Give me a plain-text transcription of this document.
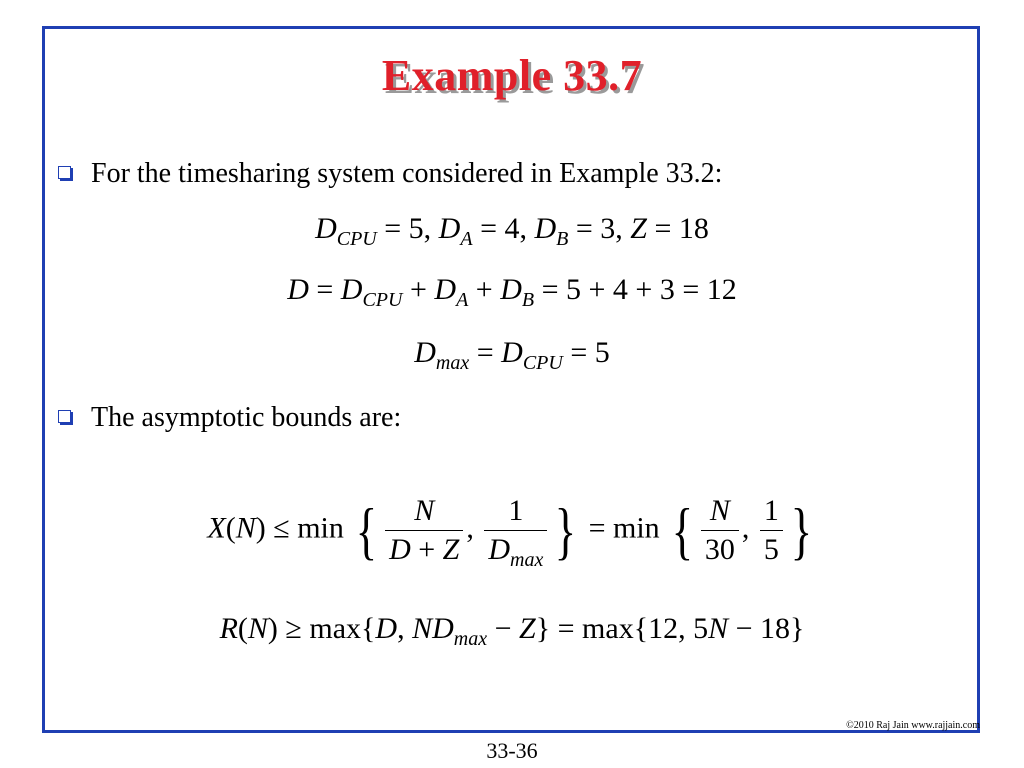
Example 33.7
For the timesharing system considered in Example 33.2:
$D_{CPU} = 5$, $D_A = 4$, $D_B = 3$, Z = 18
$D = D_{CPU} + D_A + D_B = 5 + 4 + 3 = 12$
$D_{max} = D_{CPU} = 5$
The asymptotic bounds are:
X(N) ≤ min { $\frac{N}{D + Z}$ , $\frac{1}{D_{max}}$ } = min { $\frac{N}{30}$ , $\frac{1}{5}$ }
R(N) ≥ max{D, $ND_{max} - Z\} = \max\{12$, 5N − 18}
©2010 Raj Jain www.rajjain.com
33-36
